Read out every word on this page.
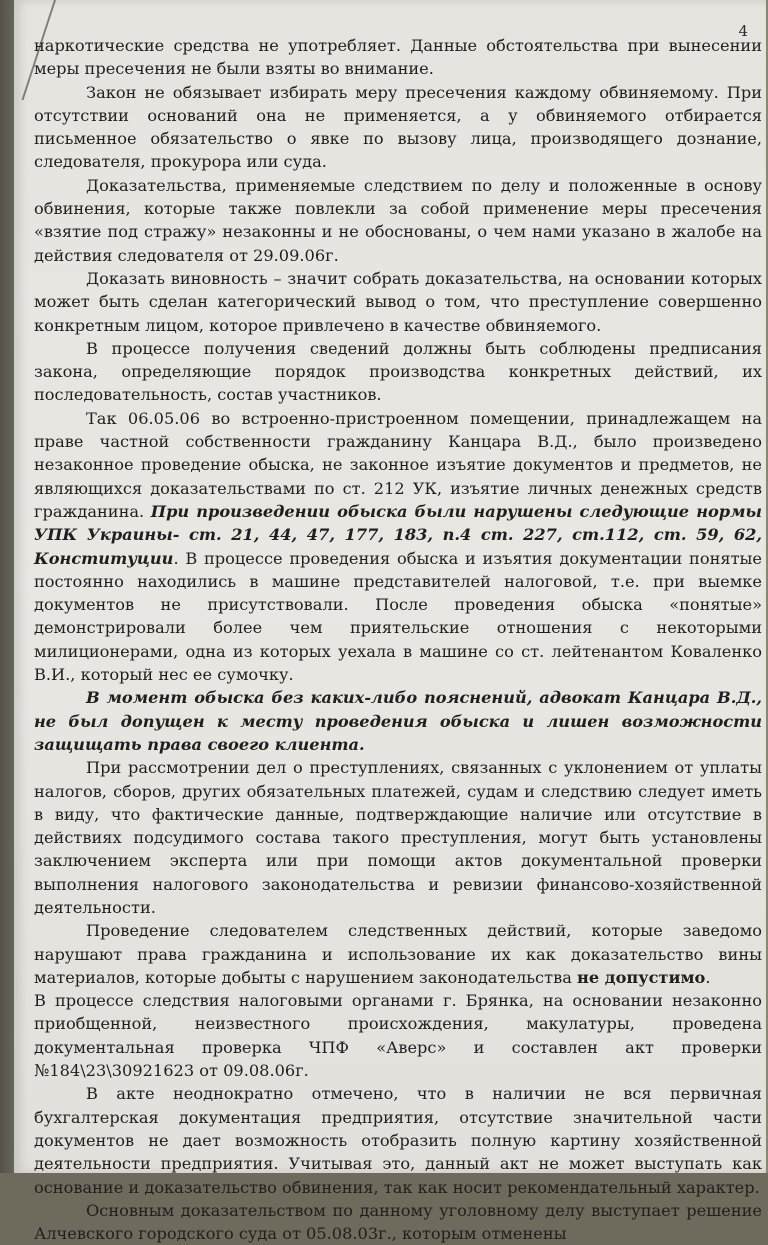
4

наркотические средства не употребляет. Данные обстоятельства при вынесении меры пресечения не были взяты во внимание.

Закон не обязывает избирать меру пресечения каждому обвиняемому. При отсутствии оснований она не применяется, а у обвиняемого отбирается письменное обязательство о явке по вызову лица, производящего дознание, следователя, прокурора или суда.

Доказательства, применяемые следствием по делу и положенные в основу обвинения, которые также повлекли за собой применение меры пресечения «взятие под стражу» незаконны и не обоснованы, о чем нами указано в жалобе на действия следователя от 29.09.06г.

Доказать виновность – значит собрать доказательства, на основании которых может быть сделан категорический вывод о том, что преступление совершенно конкретным лицом, которое привлечено в качестве обвиняемого.

В процессе получения сведений должны быть соблюдены предписания закона, определяющие порядок производства конкретных действий, их последовательность, состав участников.

Так 06.05.06 во встроенно-пристроенном помещении, принадлежащем на праве частной собственности гражданину Канцара В.Д., было произведено незаконное проведение обыска, не законное изъятие документов и предметов, не являющихся доказательствами по ст. 212 УК, изъятие личных денежных средств гражданина. При произведении обыска были нарушены следующие нормы УПК Украины- ст. 21, 44, 47, 177, 183, п.4 ст. 227, ст.112, ст. 59, 62, Конституции. В процессе проведения обыска и изъятия документации понятые постоянно находились в машине представителей налоговой, т.е. при выемке документов не присутствовали. После проведения обыска «понятые» демонстрировали более чем приятельские отношения с некоторыми милиционерами, одна из которых уехала в машине со ст. лейтенантом Коваленко В.И., который нес ее сумочку.

В момент обыска без каких-либо пояснений, адвокат Канцара В.Д., не был допущен к месту проведения обыска и лишен возможности защищать права своего клиента.

При рассмотрении дел о преступлениях, связанных с уклонением от уплаты налогов, сборов, других обязательных платежей, судам и следствию следует иметь в виду, что фактические данные, подтверждающие наличие или отсутствие в действиях подсудимого состава такого преступления, могут быть установлены заключением эксперта или при помощи актов документальной проверки выполнения налогового законодательства и ревизии финансово-хозяйственной деятельности.

Проведение следователем следственных действий, которые заведомо нарушают права гражданина и использование их как доказательство вины материалов, которые добыты с нарушением законодательства не допустимо.

В процессе следствия налоговыми органами г. Брянка, на основании незаконно приобщенной, неизвестного происхождения, макулатуры, проведена документальная проверка ЧПФ «Аверс» и составлен акт проверки №184\23\30921623 от 09.08.06г.

В акте неоднократно отмечено, что в наличии не вся первичная бухгалтерская документация предприятия, отсутствие значительной части документов не дает возможность отобразить полную картину хозяйственной деятельности предприятия. Учитывая это, данный акт не может выступать как основание и доказательство обвинения, так как носит рекомендательный характер.

Основным доказательством по данному уголовному делу выступает решение Алчевского городского суда от 05.08.03г., которым отменены
